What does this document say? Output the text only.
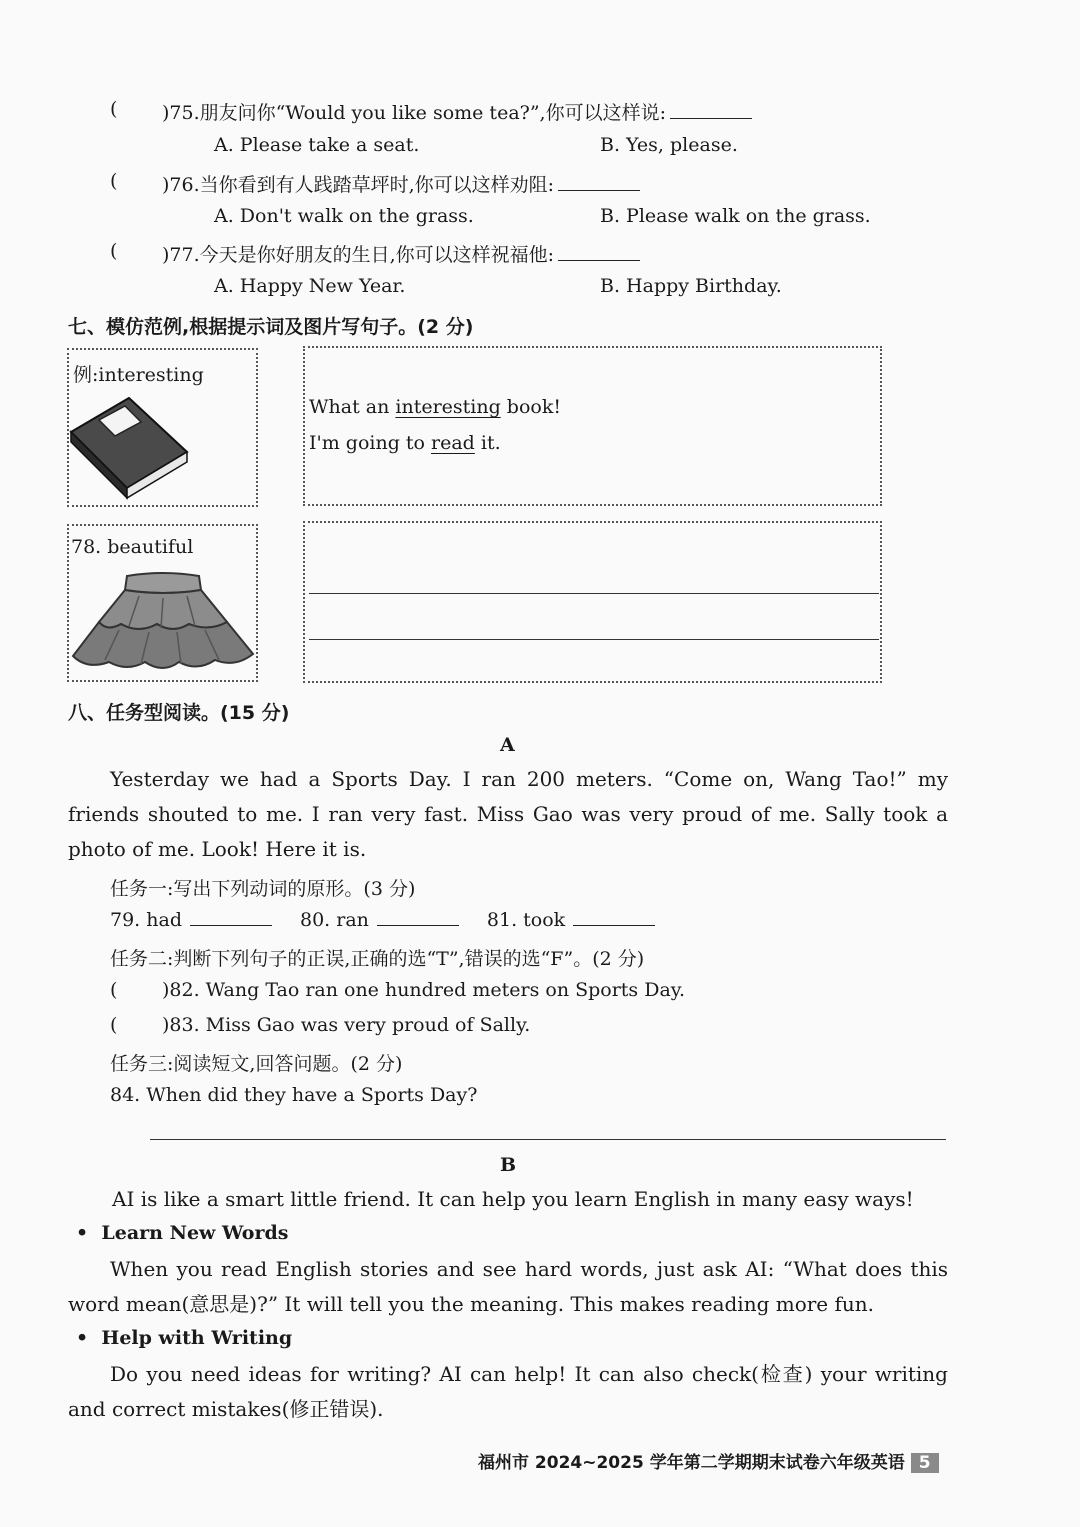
( )75.朋友问你“Would you like some tea?”,你可以这样说:
A. Please take a seat.	B. Yes, please.
( )76.当你看到有人践踏草坪时,你可以这样劝阻:
A. Don't walk on the grass.	B. Please walk on the grass.
( )77.今天是你好朋友的生日,你可以这样祝福他:
A. Happy New Year.	B. Happy Birthday.
七、模仿范例,根据提示词及图片写句子。(2 分)
例:interesting
What an interesting book!
I'm going to read it.
78. beautiful
八、任务型阅读。(15 分)
A
Yesterday we had a Sports Day. I ran 200 meters. “Come on, Wang Tao!” my friends shouted to me. I ran very fast. Miss Gao was very proud of me. Sally took a photo of me. Look! Here it is.
任务一:写出下列动词的原形。(3 分)
79. had	80. ran	81. took
任务二:判断下列句子的正误,正确的选“T”,错误的选“F”。(2 分)
( )82. Wang Tao ran one hundred meters on Sports Day.
( )83. Miss Gao was very proud of Sally.
任务三:阅读短文,回答问题。(2 分)
84. When did they have a Sports Day?
B
AI is like a smart little friend. It can help you learn English in many easy ways!
• Learn New Words
When you read English stories and see hard words, just ask AI: “What does this word mean(意思是)?” It will tell you the meaning. This makes reading more fun.
• Help with Writing
Do you need ideas for writing? AI can help! It can also check(检查) your writing and correct mistakes(修正错误).
福州市 2024~2025 学年第二学期期末试卷六年级英语 5
